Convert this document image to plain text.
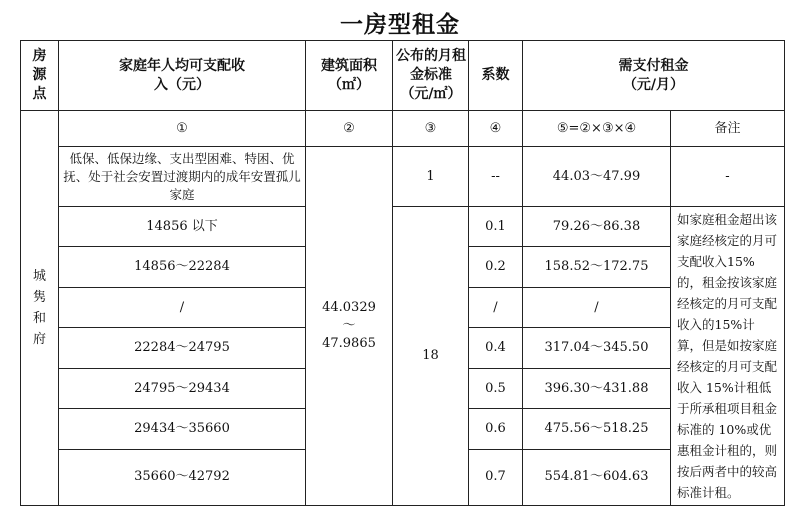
一房型租金
房源点	家庭年人均可支配收入（元）	建筑面积（㎡）	公布的月租金标准（元/㎡）	系数	需支付租金（元/月）	

城隽和府	①	②	③	④	⑤=②×③×④	备注
	低保、低保边缘、支出型困难、特困、优抚、处于社会安置过渡期内的成年安置孤儿家庭	44.0329～47.9865	1	--	44.03～47.99	-
	14856 以下		18	0.1	79.26～86.38	如家庭租金超出该家庭经核定的月可支配收入15%的，租金按该家庭经核定的月可支配收入的15%计算，但是如按家庭经核定的月可支配收入 15%计租低于所承租项目租金标准的 10%或优惠租金计租的，则按后两者中的较高标准计租。
	14856～22284			0.2	158.52～172.75	
	/			/	/	
	22284～24795			0.4	317.04～345.50	
	24795～29434			0.5	396.30～431.88	
	29434～35660			0.6	475.56～518.25	
	35660～42792			0.7	554.81～604.63	
